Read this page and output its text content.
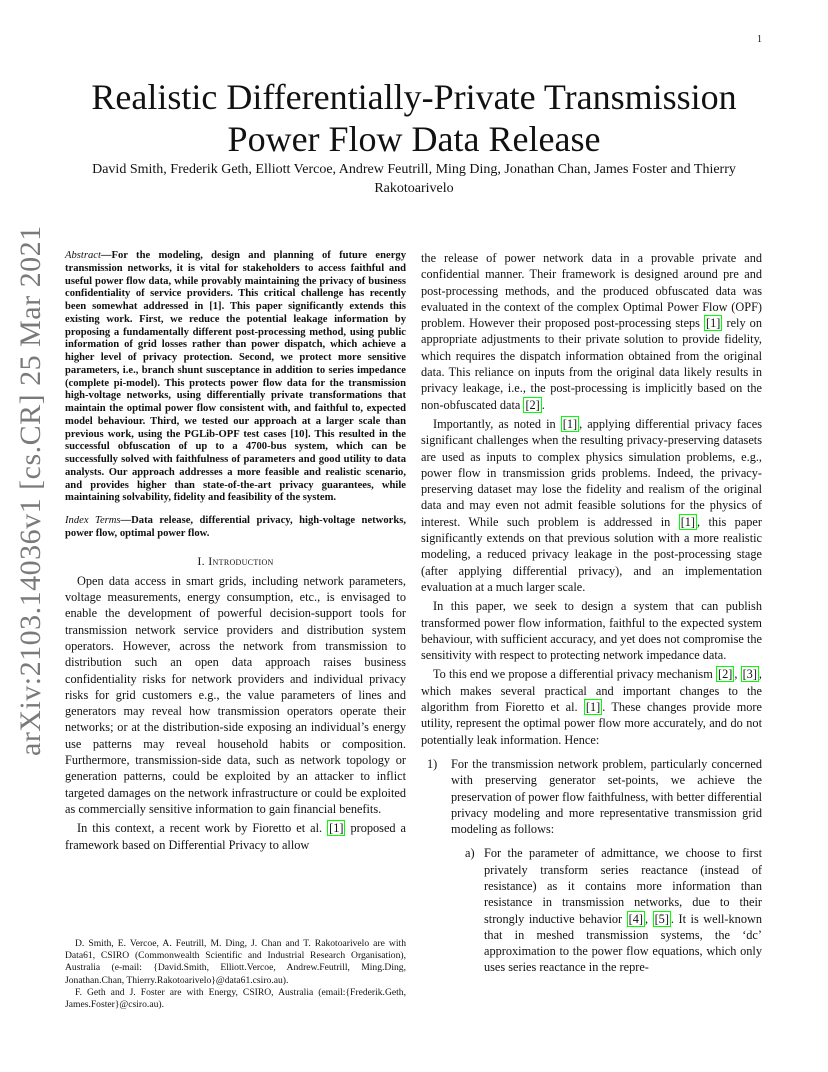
1
arXiv:2103.14036v1 [cs.CR] 25 Mar 2021
Realistic Differentially-Private Transmission Power Flow Data Release
David Smith, Frederik Geth, Elliott Vercoe, Andrew Feutrill, Ming Ding, Jonathan Chan, James Foster and Thierry Rakotoarivelo

Abstract—For the modeling, design and planning of future energy transmission networks, it is vital for stakeholders to access faithful and useful power flow data, while provably maintaining the privacy of business confidentiality of service providers. This critical challenge has recently been somewhat addressed in [1]. This paper significantly extends this existing work. First, we reduce the potential leakage information by proposing a fundamentally different post-processing method, using public information of grid losses rather than power dispatch, which achieve a higher level of privacy protection. Second, we protect more sensitive parameters, i.e., branch shunt susceptance in addition to series impedance (complete pi-model). This protects power flow data for the transmission high-voltage networks, using differentially private transformations that maintain the optimal power flow consistent with, and faithful to, expected model behaviour. Third, we tested our approach at a larger scale than previous work, using the PGLib-OPF test cases [10]. This resulted in the successful obfuscation of up to a 4700-bus system, which can be successfully solved with faithfulness of parameters and good utility to data analysts. Our approach addresses a more feasible and realistic scenario, and provides higher than state-of-the-art privacy guarantees, while maintaining solvability, fidelity and feasibility of the system.

Index Terms—Data release, differential privacy, high-voltage networks, power flow, optimal power flow.

I. Introduction

Open data access in smart grids, including network parameters, voltage measurements, energy consumption, etc., is envisaged to enable the development of powerful decision-support tools for transmission network service providers and distribution system operators. However, across the network from transmission to distribution such an open data approach raises business confidentiality risks for network providers and individual privacy risks for grid customers e.g., the value parameters of lines and generators may reveal how transmission operators operate their networks; or at the distribution-side exposing an individual’s energy use patterns may reveal household habits or composition. Furthermore, transmission-side data, such as network topology or generation patterns, could be exploited by an attacker to inflict targeted damages on the network infrastructure or could be exploited as commercially sensitive information to gain financial benefits.

In this context, a recent work by Fioretto et al. [1] proposed a framework based on Differential Privacy to allow

D. Smith, E. Vercoe, A. Feutrill, M. Ding, J. Chan and T. Rakotoarivelo are with Data61, CSIRO (Commonwealth Scientific and Industrial Research Organisation), Australia (e-mail: {David.Smith, Elliott.Vercoe, Andrew.Feutrill, Ming.Ding, Jonathan.Chan, Thierry.Rakotoarivelo}@data61.csiro.au).

F. Geth and J. Foster are with Energy, CSIRO, Australia (email:{Frederik.Geth, James.Foster}@csiro.au).

the release of power network data in a provable private and confidential manner. Their framework is designed around pre and post-processing methods, and the produced obfuscated data was evaluated in the context of the complex Optimal Power Flow (OPF) problem. However their proposed post-processing steps [1] rely on appropriate adjustments to their private solution to provide fidelity, which requires the dispatch information obtained from the original data. This reliance on inputs from the original data likely results in privacy leakage, i.e., the post-processing is implicitly based on the non-obfuscated data [2] .

Importantly, as noted in [1] , applying differential privacy faces significant challenges when the resulting privacy-preserving datasets are used as inputs to complex physics simulation problems, e.g., power flow in transmission grids problems. Indeed, the privacy-preserving dataset may lose the fidelity and realism of the original data and may even not admit feasible solutions for the physics of interest. While such problem is addressed in [1] , this paper significantly extends on that previous solution with a more realistic modeling, a reduced privacy leakage in the post-processing stage (after applying differential privacy), and an implementation evaluation at a much larger scale.

In this paper, we seek to design a system that can publish transformed power flow information, faithful to the expected system behaviour, with sufficient accuracy, and yet does not compromise the sensitivity with respect to protecting network impedance data.

To this end we propose a differential privacy mechanism [2] , [3] , which makes several practical and important changes to the algorithm from Fioretto et al. [1] . These changes provide more utility, represent the optimal power flow more accurately, and do not potentially leak information. Hence:

1)	For the transmission network problem, particularly concerned with preserving generator set-points, we achieve the preservation of power flow faithfulness, with better differential privacy modeling and more representative transmission grid modeling as follows:
a) For the parameter of admittance, we choose to first privately transform series reactance (instead of resistance) as it contains more information than resistance in transmission networks, due to their strongly inductive behavior [4] , [5] . It is well-known that in meshed transmission systems, the ‘dc’ approximation to the power flow equations, which only uses series reactance in the repre-
